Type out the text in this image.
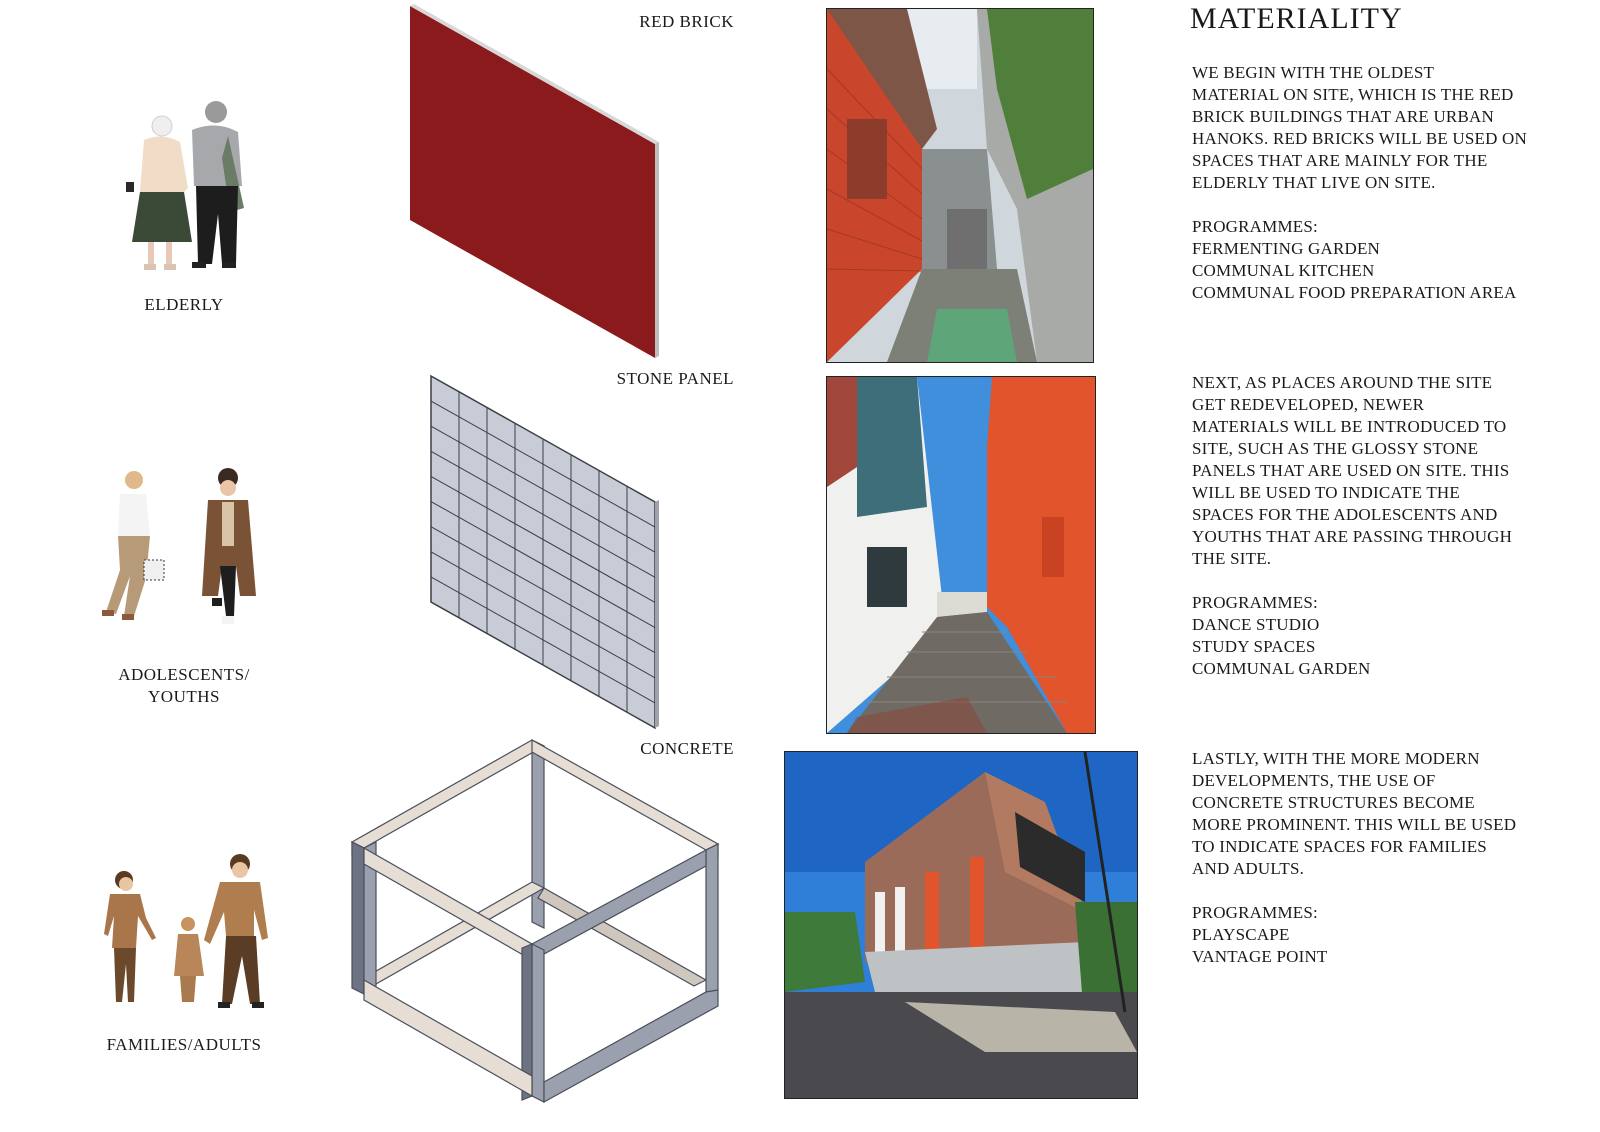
MATERIALITY
ELDERLY
RED BRICK

WE BEGIN WITH THE OLDEST

MATERIAL ON SITE, WHICH IS THE RED

BRICK BUILDINGS THAT ARE URBAN

HANOKS. RED BRICKS WILL BE USED ON

SPACES THAT ARE MAINLY FOR THE

ELDERLY THAT LIVE ON SITE.

PROGRAMMES:

FERMENTING GARDEN

COMMUNAL KITCHEN

COMMUNAL FOOD PREPARATION AREA

ADOLESCENTS/
YOUTHS
STONE PANEL	NEXT, AS PLACES AROUND THE SITE

GET REDEVELOPED, NEWER

MATERIALS WILL BE INTRODUCED TO

SITE, SUCH AS THE GLOSSY STONE

PANELS THAT ARE USED ON SITE. THIS

WILL BE USED TO INDICATE THE

SPACES FOR THE ADOLESCENTS AND

YOUTHS THAT ARE PASSING THROUGH

THE SITE.

PROGRAMMES:

DANCE STUDIO

STUDY SPACES

COMMUNAL GARDEN

FAMILIES/ADULTS
CONCRETE

LASTLY, WITH THE MORE MODERN

DEVELOPMENTS, THE USE OF

CONCRETE STRUCTURES BECOME

MORE PROMINENT. THIS WILL BE USED

TO INDICATE SPACES FOR FAMILIES

AND ADULTS.

PROGRAMMES:

PLAYSCAPE

VANTAGE POINT
